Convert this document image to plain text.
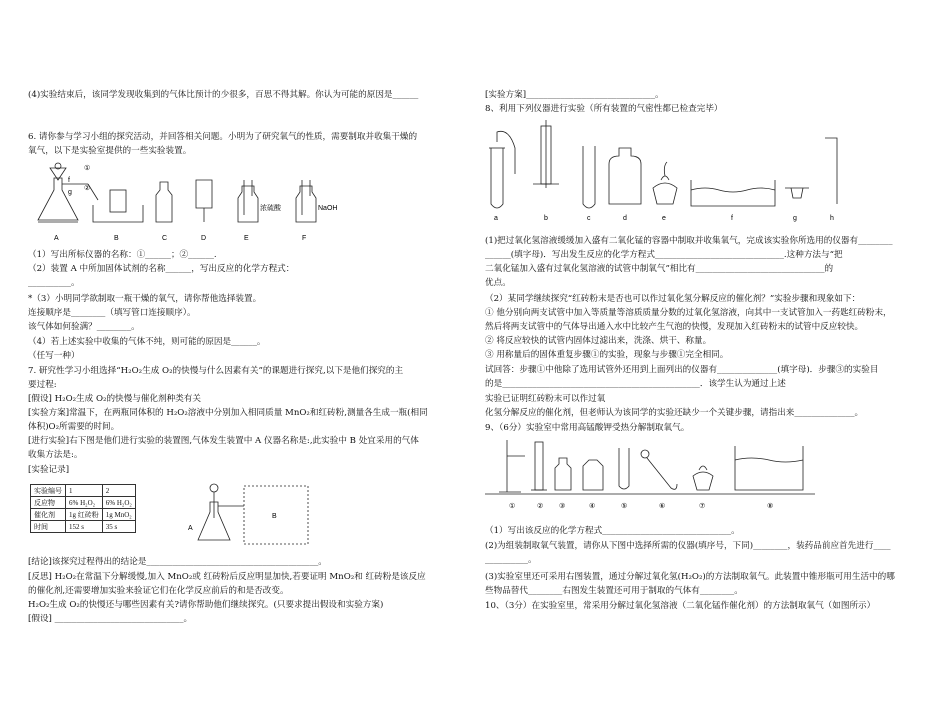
(4)实验结束后，该同学发现收集到的气体比预计的少很多，百思不得其解。你认为可能的原因是______
6. 请你参与学习小组的探究活动，并回答相关问题。小明为了研究氧气的性质，需要制取并收集干燥的
氧气，以下是实验室提供的一些实验装置。
①
②
f
g
浓硫酸	NaOH
A	B	C	D	E	F
（1）写出所标仪器的名称：①______；②______.
（2）装置 A 中所加固体试剂的名称______，写出反应的化学方程式：
__________。
*（3）小明同学欲制取一瓶干燥的氧气，请你帮他选择装置。
连接顺序是________（填写管口连接顺序）。
该气体如何验满？________。
（4）若上述实验中收集的气体不纯，则可能的原因是______。
（任写一种）
7. 研究性学习小组选择“H₂O₂生成 O₂的快慢与什么因素有关”的课题进行探究,以下是他们探究的主
要过程:
[假设] H₂O₂生成 O₂的快慢与催化剂种类有关
[实验方案]常温下，在两瓶同体积的 H₂O₂溶液中分别加入相同质量 MnO₂和红砖粉,测量各生成一瓶(相同
体积)O₂所需要的时间。
[进行实验]右下图是他们进行实验的装置图,气体发生装置中 A 仪器名称是:,此实验中 B 处宜采用的气体
收集方法是:。
[实验记录]
实验编号	1	2
反应物	6% H₂O₂	6% H₂O₂
催化剂	1g 红砖粉	1g MnO₂
时间	152 s	35 s	A
B
[结论]该探究过程得出的结论是________________________________________。
[反思] H₂O₂在常温下分解缓慢,加入 MnO₂或 红砖粉后反应明显加快,若要证明 MnO₂和 红砖粉是该反应
的催化剂,还需要增加实验来验证它们在化学反应前后的和是否改变。
H₂O₂生成 O₂的快慢还与哪些因素有关?请你帮助他们继续探究。(只要求提出假设和实验方案)
[假设] ______________________________。
[实验方案]______________________________。
8、利用下列仪器进行实验（所有装置的气密性都已检查完毕）
a	b	c	d	e	f	g	h
(1)把过氧化氢溶液缓缓加入盛有二氧化锰的容器中制取并收集氧气，完成该实验你所选用的仪器有________
______(填字母)．写出发生反应的化学方程式______________________________.这种方法与“把
二氧化锰加入盛有过氧化氢溶液的试管中制氧气”相比有______________________________的
优点。
（2）某同学继续探究“红砖粉末是否也可以作过氧化氢分解反应的催化剂？”实验步骤和现象如下：
① 他分别向两支试管中加入等质量等溶质质量分数的过氧化氢溶液，向其中一支试管加入一药匙红砖粉末，
然后将两支试管中的气体导出通入水中比较产生气泡的快慢，发现加入红砖粉末的试管中反应较快。
② 将反应较快的试管内固体过滤出来，洗涤、烘干、称量。
③ 用称量后的固体重复步骤①的实验，现象与步骤①完全相同。
试回答：步骤①中他除了选用试管外还用到上面列出的仪器有______________(填字母)．步骤③的实验目
的是______________________________________________．该学生认为通过上述
实验已证明红砖粉末可以作过氧
化氢分解反应的催化剂，但老师认为该同学的实验还缺少一个关键步骤，请指出来______________。
9、（6分）实验室中常用高锰酸钾受热分解制取氧气。
①	② ③	④	⑤	⑥	⑦	⑧
（1）写出该反应的化学方程式______________________________。
(2)为组装制取氧气装置，请你从下图中选择所需的仪器(填序号，下同)________，装药品前应首先进行____
__________。
(3)实验室里还可采用右图装置，通过分解过氧化氢(H₂O₂)的方法制取氧气。此装置中锥形瓶可用生活中的哪
些物品替代________右图发生装置还可用于制取的气体有________。
10、（3分）在实验室里，常采用分解过氧化氢溶液（二氧化锰作催化剂）的方法制取氧气（如图所示）
